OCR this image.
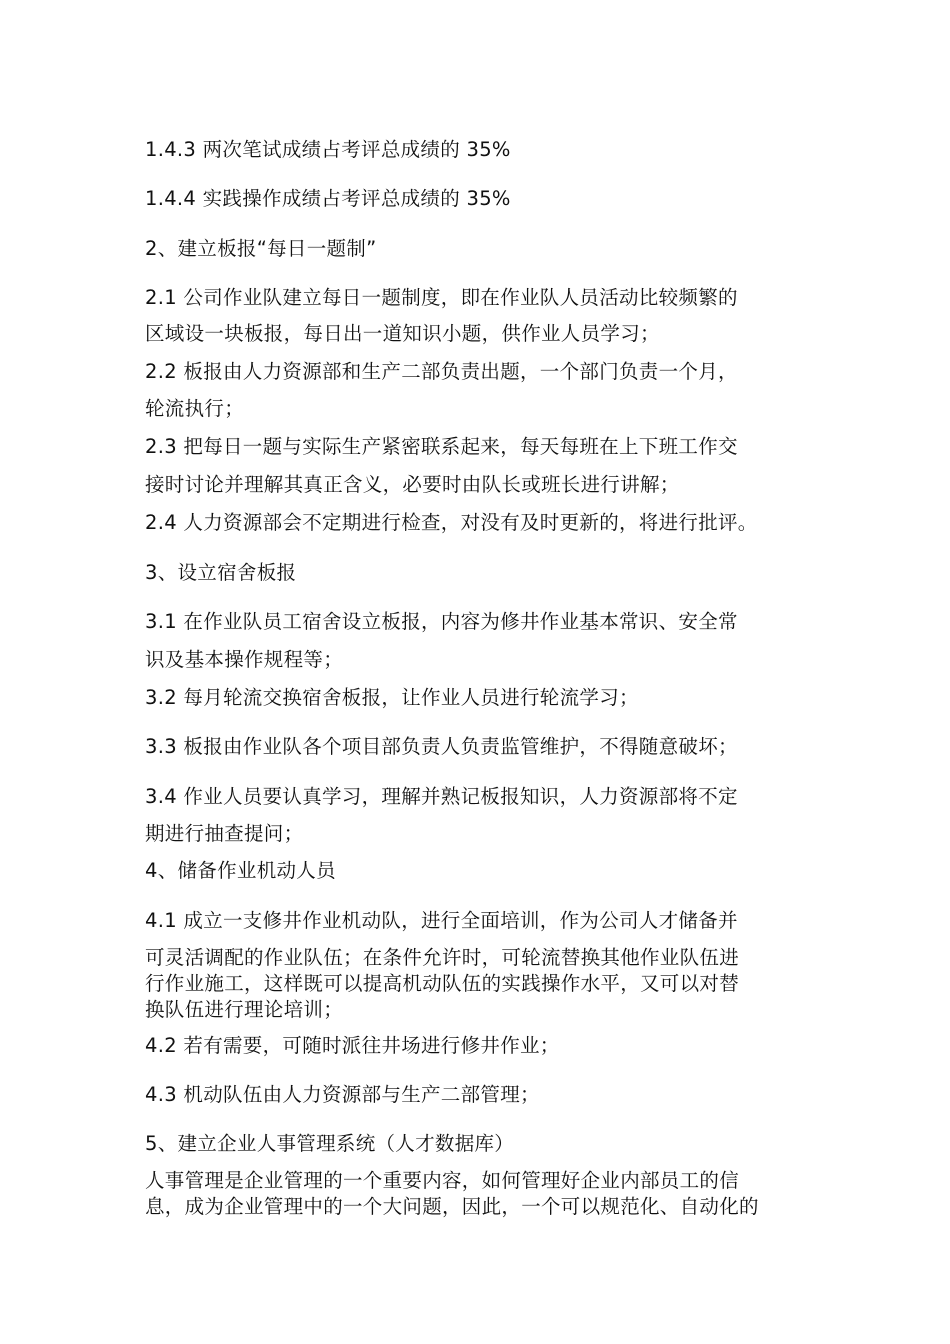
1.4.3 两次笔试成绩占考评总成绩的 35%
1.4.4 实践操作成绩占考评总成绩的 35%
2、建立板报“每日一题制”
2.1 公司作业队建立每日一题制度，即在作业队人员活动比较频繁的
区域设一块板报，每日出一道知识小题，供作业人员学习；
2.2 板报由人力资源部和生产二部负责出题，一个部门负责一个月，
轮流执行；
2.3 把每日一题与实际生产紧密联系起来，每天每班在上下班工作交
接时讨论并理解其真正含义，必要时由队长或班长进行讲解；
2.4 人力资源部会不定期进行检查，对没有及时更新的，将进行批评。
3、设立宿舍板报
3.1 在作业队员工宿舍设立板报，内容为修井作业基本常识、安全常
识及基本操作规程等；
3.2 每月轮流交换宿舍板报，让作业人员进行轮流学习；
3.3 板报由作业队各个项目部负责人负责监管维护，不得随意破坏；
3.4 作业人员要认真学习，理解并熟记板报知识，人力资源部将不定
期进行抽查提问；
4、储备作业机动人员
4.1 成立一支修井作业机动队，进行全面培训，作为公司人才储备并
可灵活调配的作业队伍；在条件允许时，可轮流替换其他作业队伍进
行作业施工，这样既可以提高机动队伍的实践操作水平，又可以对替
换队伍进行理论培训；
4.2 若有需要，可随时派往井场进行修井作业；
4.3 机动队伍由人力资源部与生产二部管理；
5、建立企业人事管理系统（人才数据库）
人事管理是企业管理的一个重要内容，如何管理好企业内部员工的信
息，成为企业管理中的一个大问题，因此，一个可以规范化、自动化的
